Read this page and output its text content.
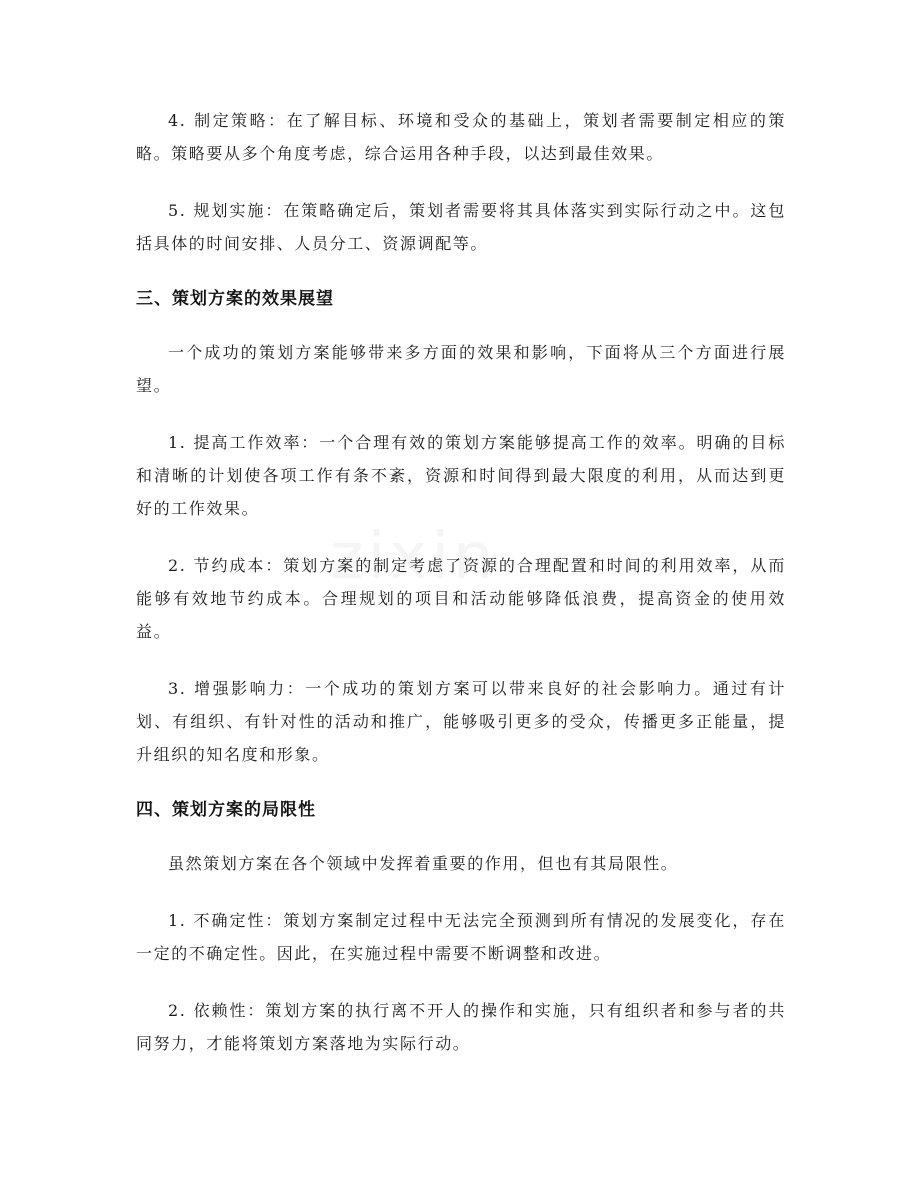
zixin

4. 制定策略：在了解目标、环境和受众的基础上，策划者需要制定相应的策略。策略要从多个角度考虑，综合运用各种手段，以达到最佳效果。

5. 规划实施：在策略确定后，策划者需要将其具体落实到实际行动之中。这包括具体的时间安排、人员分工、资源调配等。

三、策划方案的效果展望

一个成功的策划方案能够带来多方面的效果和影响，下面将从三个方面进行展望。

1. 提高工作效率：一个合理有效的策划方案能够提高工作的效率。明确的目标和清晰的计划使各项工作有条不紊，资源和时间得到最大限度的利用，从而达到更好的工作效果。

2. 节约成本：策划方案的制定考虑了资源的合理配置和时间的利用效率，从而能够有效地节约成本。合理规划的项目和活动能够降低浪费，提高资金的使用效益。

3. 增强影响力：一个成功的策划方案可以带来良好的社会影响力。通过有计划、有组织、有针对性的活动和推广，能够吸引更多的受众，传播更多正能量，提升组织的知名度和形象。

四、策划方案的局限性

虽然策划方案在各个领域中发挥着重要的作用，但也有其局限性。

1. 不确定性：策划方案制定过程中无法完全预测到所有情况的发展变化，存在一定的不确定性。因此，在实施过程中需要不断调整和改进。

2. 依赖性：策划方案的执行离不开人的操作和实施，只有组织者和参与者的共同努力，才能将策划方案落地为实际行动。
